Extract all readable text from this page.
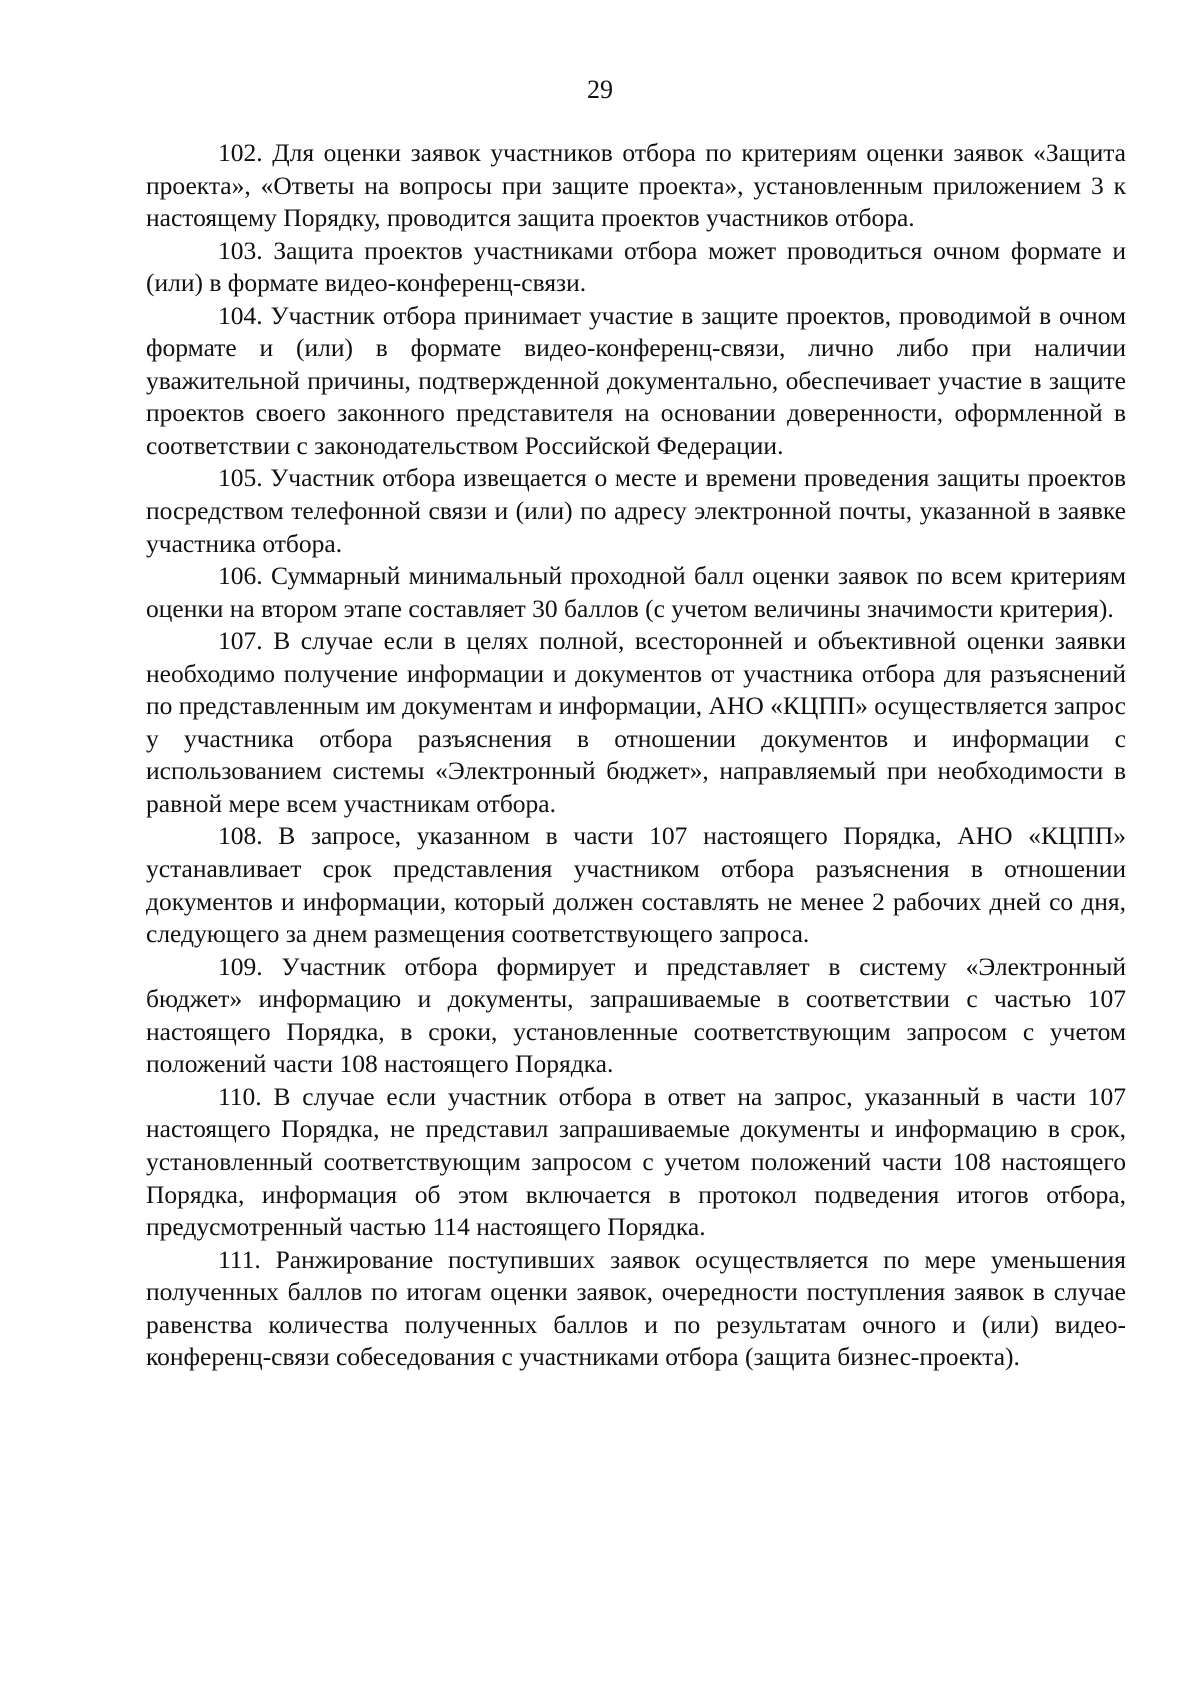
29

102. Для оценки заявок участников отбора по критериям оценки заявок «Защита проекта», «Ответы на вопросы при защите проекта», установленным приложением 3 к настоящему Порядку, проводится защита проектов участников отбора.

103. Защита проектов участниками отбора может проводиться очном формате и (или) в формате видео-конференц-связи.

104. Участник отбора принимает участие в защите проектов, проводимой в очном формате и (или) в формате видео-конференц-связи, лично либо при наличии уважительной причины, подтвержденной документально, обеспечивает участие в защите проектов своего законного представителя на основании доверенности, оформленной в соответствии с законодательством Российской Федерации.

105. Участник отбора извещается о месте и времени проведения защиты проектов посредством телефонной связи и (или) по адресу электронной почты, указанной в заявке участника отбора.

106. Суммарный минимальный проходной балл оценки заявок по всем критериям оценки на втором этапе составляет 30 баллов (с учетом величины значимости критерия).

107. В случае если в целях полной, всесторонней и объективной оценки заявки необходимо получение информации и документов от участника отбора для разъяснений по представленным им документам и информации, АНО «КЦПП» осуществляется запрос у участника отбора разъяснения в отношении документов и информации с использованием системы «Электронный бюджет», направляемый при необходимости в равной мере всем участникам отбора.

108. В запросе, указанном в части 107 настоящего Порядка, АНО «КЦПП» устанавливает срок представления участником отбора разъяснения в отношении документов и информации, который должен составлять не менее 2 рабочих дней со дня, следующего за днем размещения соответствующего запроса.

109. Участник отбора формирует и представляет в систему «Электронный бюджет» информацию и документы, запрашиваемые в соответствии с частью 107 настоящего Порядка, в сроки, установленные соответствующим запросом с учетом положений части 108 настоящего Порядка.

110. В случае если участник отбора в ответ на запрос, указанный в части 107 настоящего Порядка, не представил запрашиваемые документы и информацию в срок, установленный соответствующим запросом с учетом положений части 108 настоящего Порядка, информация об этом включается в протокол подведения итогов отбора, предусмотренный частью 114 настоящего Порядка.

111. Ранжирование поступивших заявок осуществляется по мере уменьшения полученных баллов по итогам оценки заявок, очередности поступления заявок в случае равенства количества полученных баллов и по результатам очного и (или) видео-конференц-связи собеседования с участниками отбора (защита бизнес-проекта).
